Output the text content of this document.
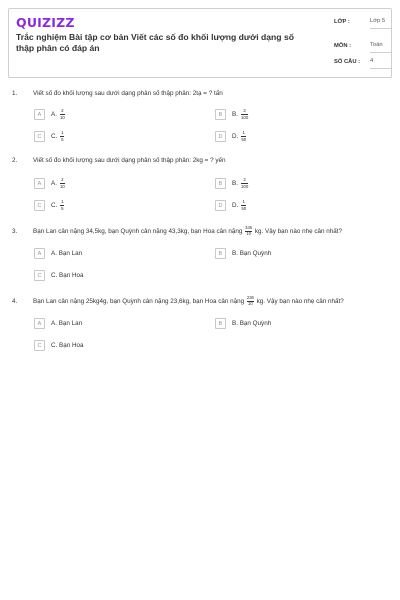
QUIZIZZ
Trắc nghiệm Bài tập cơ bản Viết các số đo khối lượng dưới dạng số thập phân có đáp án
LỚP :	Lớp 5
MÔN :	Toán
SỐ CÂU : 4
1. Viết số đo khối lượng sau dưới dạng phân số thập phân: 2tạ = ? tấn
A	A. $\frac{2}{10}$	B	B. $\frac{2}{100}$
C	C. $\frac{1}{5}$	D	D. $\frac{1}{50}$
2. Viết số đo khối lượng sau dưới dạng phân số thập phân: 2kg = ? yến
A	A. $\frac{2}{10}$	B	B. $\frac{2}{100}$
C	C. $\frac{1}{5}$	D	D. $\frac{1}{50}$
3. Bạn Lan cân nặng 34,5kg, bạn Quỳnh cân nặng 43,3kg, bạn Hoa cân nặng $\frac{345}{10}$ kg. Vậy bạn nào nhẹ cân nhất?
A	A. Bạn Lan	B	B. Bạn Quỳnh
C	C. Bạn Hoa
4. Bạn Lan cân nặng 25kg4g, bạn Quỳnh cân nặng 23,6kg, bạn Hoa cân nặng $\frac{236}{10}$ kg. Vậy bạn nào nhẹ cân nhất?
A	A. Bạn Lan	B	B. Bạn Quỳnh
C	C. Bạn Hoa
